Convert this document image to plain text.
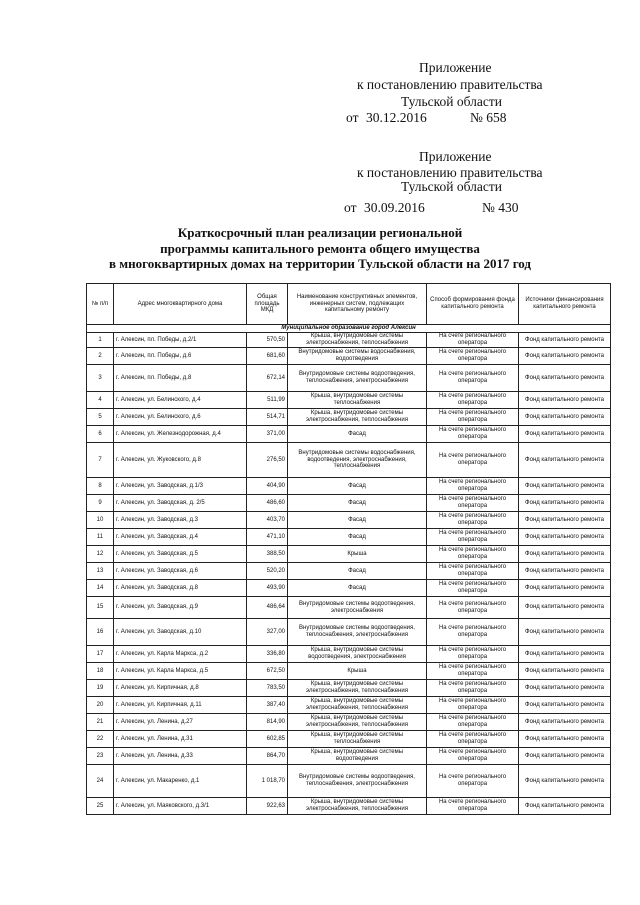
Приложение
к постановлению правительства
Тульской области
от 30.12.2016	№ 658
Приложение
к постановлению правительства
Тульской области
от 30.09.2016	№ 430
Краткосрочный план реализации региональной
программы капитального ремонта общего имущества
в многоквартирных домах на территории Тульской области на 2017 год
№ п/п	Адрес многоквартирного дома	Общая площадь МКД	Наименование конструктивных элементов, инженерных систем, подлежащих капитальному ремонту	Способ формирования фонда капитального ремонта	Источники финансирования капитального ремонта
Муниципальное образование город Алексин					
1	г. Алексин, пл. Победы, д.2/1	570,50	Крыша, внутридомовые системы электроснабжения, теплоснабжения	На счете регионального оператора	Фонд капитального ремонта
2	г. Алексин, пл. Победы, д.6	681,60	Внутридомовые системы водоснабжения, водоотведения	На счете регионального оператора	Фонд капитального ремонта
3	г. Алексин, пл. Победы, д.8	672,14	Внутридомовые системы водоотведения, теплоснабжения, электроснабжения	На счете регионального оператора	Фонд капитального ремонта
4	г. Алексин, ул. Белинского, д.4	511,99	Крыша, внутридомовые системы теплоснабжения	На счете регионального оператора	Фонд капитального ремонта
5	г. Алексин, ул. Белинского, д.6	514,71	Крыша, внутридомовые системы электроснабжения, теплоснабжения	На счете регионального оператора	Фонд капитального ремонта
6	г. Алексин, ул. Железнодорожная, д.4	371,00	Фасад	На счете регионального оператора	Фонд капитального ремонта
7	г. Алексин, ул. Жуковского, д.8	276,50	Внутридомовые системы водоснабжения, водоотведения, электроснабжения, теплоснабжения	На счете регионального оператора	Фонд капитального ремонта
8	г. Алексин, ул. Заводская, д.1/3	404,90	Фасад	На счете регионального оператора	Фонд капитального ремонта
9	г. Алексин, ул. Заводская, д. 2/5	486,60	Фасад	На счете регионального оператора	Фонд капитального ремонта
10	г. Алексин, ул. Заводская, д.3	403,70	Фасад	На счете регионального оператора	Фонд капитального ремонта
11	г. Алексин, ул. Заводская, д.4	471,10	Фасад	На счете регионального оператора	Фонд капитального ремонта
12	г. Алексин, ул. Заводская, д.5	388,50	Крыша	На счете регионального оператора	Фонд капитального ремонта
13	г. Алексин, ул. Заводская, д.6	520,20	Фасад	На счете регионального оператора	Фонд капитального ремонта
14	г. Алексин, ул. Заводская, д.8	493,90	Фасад	На счете регионального оператора	Фонд капитального ремонта
15	г. Алексин, ул. Заводская, д.9	486,64	Внутридомовые системы водоотведения, электроснабжения	На счете регионального оператора	Фонд капитального ремонта
16	г. Алексин, ул. Заводская, д.10	327,00	Внутридомовые системы водоотведения, теплоснабжения, электроснабжения	На счете регионального оператора	Фонд капитального ремонта
17	г. Алексин, ул. Карла Маркса, д.2	336,80	Крыша, внутридомовые системы водоотведения, электроснабжения	На счете регионального оператора	Фонд капитального ремонта
18	г. Алексин, ул. Карла Маркса, д.5	672,50	Крыша	На счете регионального оператора	Фонд капитального ремонта
19	г. Алексин, ул. Кирпичная, д.8	783,50	Крыша, внутридомовые системы электроснабжения, теплоснабжения	На счете регионального оператора	Фонд капитального ремонта
20	г. Алексин, ул. Кирпичная, д.11	387,40	Крыша, внутридомовые системы электроснабжения, теплоснабжения	На счете регионального оператора	Фонд капитального ремонта
21	г. Алексин, ул. Ленина, д.27	814,90	Крыша, внутридомовые системы электроснабжения, теплоснабжения	На счете регионального оператора	Фонд капитального ремонта
22	г. Алексин, ул. Ленина, д.31	602,85	Крыша, внутридомовые системы теплоснабжения	На счете регионального оператора	Фонд капитального ремонта
23	г. Алексин, ул. Ленина, д.33	864,70	Крыша, внутридомовые системы водоотведения	На счете регионального оператора	Фонд капитального ремонта
24	г. Алексин, ул. Макаренко, д.1	1 018,70	Внутридомовые системы водоотведения, теплоснабжения, электроснабжения	На счете регионального оператора	Фонд капитального ремонта
25	г. Алексин, ул. Маяковского, д.3/1	922,63	Крыша, внутридомовые системы электроснабжения, теплоснабжения	На счете регионального оператора	Фонд капитального ремонта
